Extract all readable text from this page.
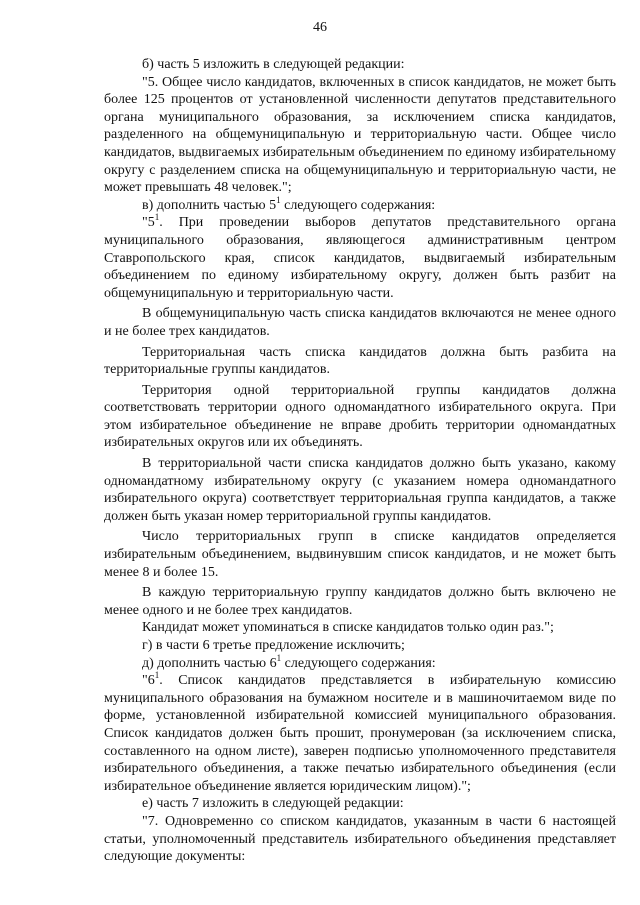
46

б) часть 5 изложить в следующей редакции:

"5. Общее число кандидатов, включенных в список кандидатов, не может быть более 125 процентов от установленной численности депутатов представительного органа муниципального образования, за исключением списка кандидатов, разделенного на общемуниципальную и территориальную части. Общее число кандидатов, выдвигаемых избирательным объединением по единому избирательному округу с разделением списка на общемуниципальную и территориальную части, не может превышать 48 человек.";

в) дополнить частью $5^1$ следующего содержания:

"$5^1$. При проведении выборов депутатов представительного органа муниципального образования, являющегося административным центром Ставропольского края, список кандидатов, выдвигаемый избирательным объединением по единому избирательному округу, должен быть разбит на общемуниципальную и территориальную части.

В общемуниципальную часть списка кандидатов включаются не менее одного и не более трех кандидатов.

Территориальная часть списка кандидатов должна быть разбита на территориальные группы кандидатов.

Территория одной территориальной группы кандидатов должна соответствовать территории одного одномандатного избирательного округа. При этом избирательное объединение не вправе дробить территории одномандатных избирательных округов или их объединять.

В территориальной части списка кандидатов должно быть указано, какому одномандатному избирательному округу (с указанием номера одномандатного избирательного округа) соответствует территориальная группа кандидатов, а также должен быть указан номер территориальной группы кандидатов.

Число территориальных групп в списке кандидатов определяется избирательным объединением, выдвинувшим список кандидатов, и не может быть менее 8 и более 15.

В каждую территориальную группу кандидатов должно быть включено не менее одного и не более трех кандидатов.

Кандидат может упоминаться в списке кандидатов только один раз.";

г) в части 6 третье предложение исключить;

д) дополнить частью $6^1$ следующего содержания:

"$6^1$. Список кандидатов представляется в избирательную комиссию муниципального образования на бумажном носителе и в машиночитаемом виде по форме, установленной избирательной комиссией муниципального образования. Список кандидатов должен быть прошит, пронумерован (за исключением списка, составленного на одном листе), заверен подписью уполномоченного представителя избирательного объединения, а также печатью избирательного объединения (если избирательное объединение является юридическим лицом).";

е) часть 7 изложить в следующей редакции:

"7. Одновременно со списком кандидатов, указанным в части 6 настоящей статьи, уполномоченный представитель избирательного объединения представляет следующие документы:
